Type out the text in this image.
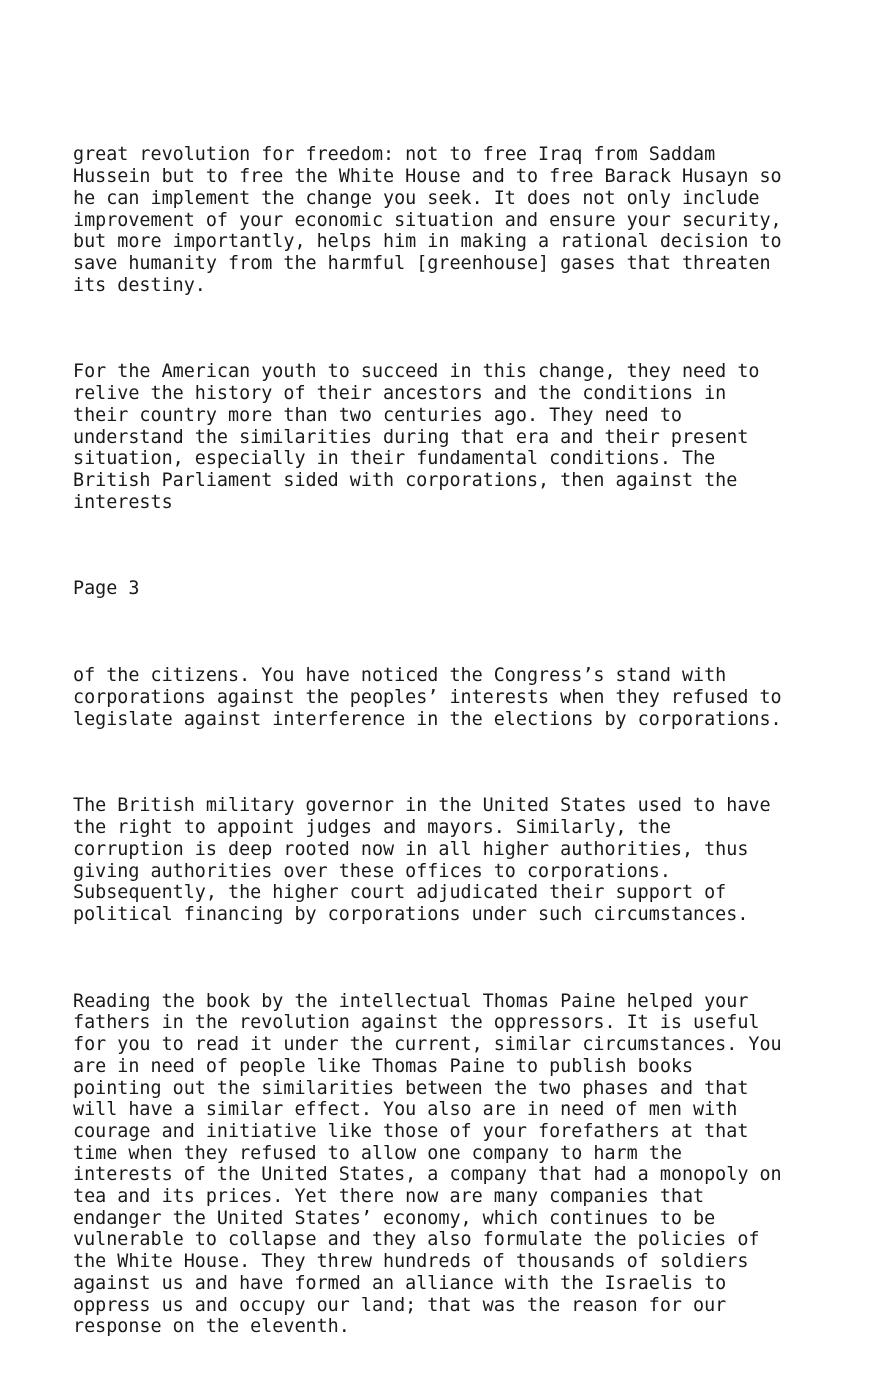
great revolution for freedom: not to free Iraq from Saddam
Hussein but to free the White House and to free Barack Husayn so
he can implement the change you seek. It does not only include
improvement of your economic situation and ensure your security,
but more importantly, helps him in making a rational decision to
save humanity from the harmful [greenhouse] gases that threaten
its destiny.

For the American youth to succeed in this change, they need to
relive the history of their ancestors and the conditions in
their country more than two centuries ago. They need to
understand the similarities during that era and their present
situation, especially in their fundamental conditions. The
British Parliament sided with corporations, then against the
interests

Page 3

of the citizens. You have noticed the Congress’s stand with
corporations against the peoples’ interests when they refused to
legislate against interference in the elections by corporations.

The British military governor in the United States used to have
the right to appoint judges and mayors. Similarly, the
corruption is deep rooted now in all higher authorities, thus
giving authorities over these offices to corporations.
Subsequently, the higher court adjudicated their support of
political financing by corporations under such circumstances.

Reading the book by the intellectual Thomas Paine helped your
fathers in the revolution against the oppressors. It is useful
for you to read it under the current, similar circumstances. You
are in need of people like Thomas Paine to publish books
pointing out the similarities between the two phases and that
will have a similar effect. You also are in need of men with
courage and initiative like those of your forefathers at that
time when they refused to allow one company to harm the
interests of the United States, a company that had a monopoly on
tea and its prices. Yet there now are many companies that
endanger the United States’ economy, which continues to be
vulnerable to collapse and they also formulate the policies of
the White House. They threw hundreds of thousands of soldiers
against us and have formed an alliance with the Israelis to
oppress us and occupy our land; that was the reason for our
response on the eleventh.
